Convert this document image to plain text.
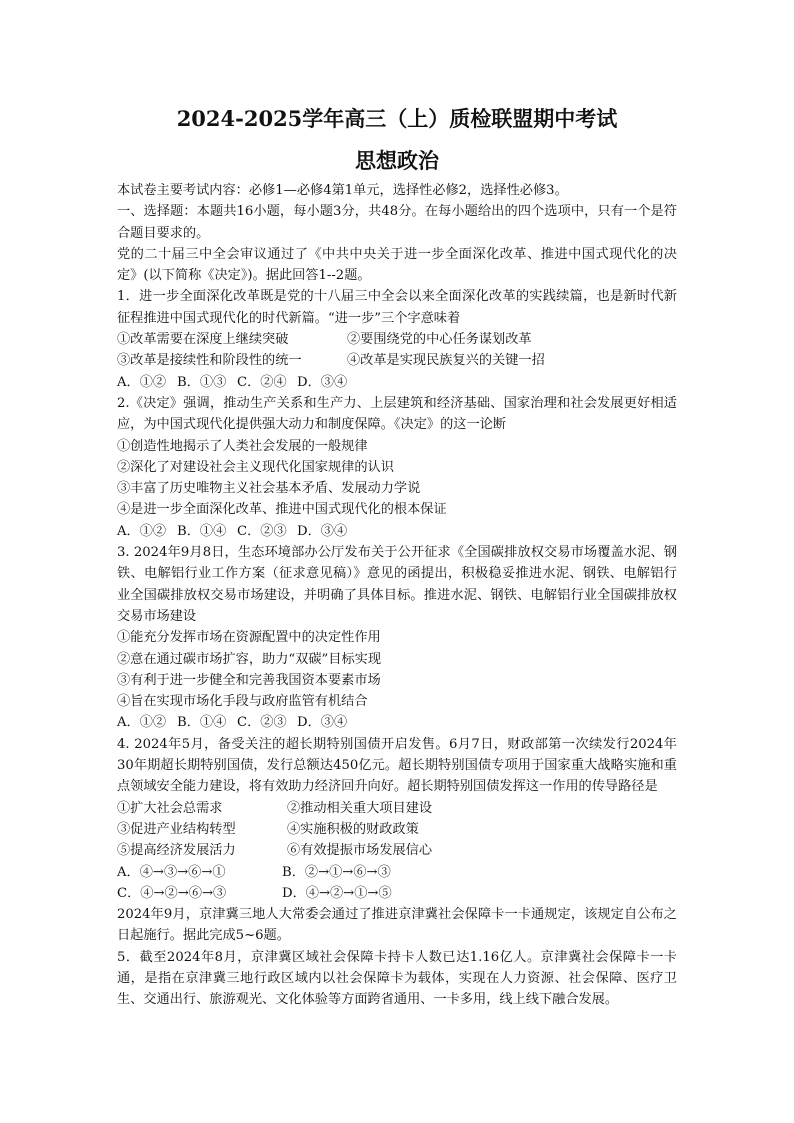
2024-2025学年高三（上）质检联盟期中考试
思想政治

本试卷主要考试内容：必修1—必修4第1单元，选择性必修2，选择性必修3。

一、选择题：本题共16小题，每小题3分，共48分。在每小题给出的四个选项中，只有一个是符合题目要求的。

党的二十届三中全会审议通过了《中共中央关于进一步全面深化改革、推进中国式现代化的决定》(以下简称《决定》)。据此回答1--2题。

1．进一步全面深化改革既是党的十八届三中全会以来全面深化改革的实践续篇，也是新时代新征程推进中国式现代化的时代新篇。“进一步”三个字意味着

①改革需要在深度上继续突破	②要围绕党的中心任务谋划改革
③改革是接续性和阶段性的统一	④改革是实现民族复兴的关键一招
A．①② B．①③ C．②④ D．③④

2.《决定》强调，推动生产关系和生产力、上层建筑和经济基础、国家治理和社会发展更好相适应，为中国式现代化提供强大动力和制度保障。《决定》的这一论断

①创造性地揭示了人类社会发展的一般规律

②深化了对建设社会主义现代化国家规律的认识

③丰富了历史唯物主义社会基本矛盾、发展动力学说

④是进一步全面深化改革、推进中国式现代化的根本保证

A．①② B．①④ C．②③ D．③④

3. 2024年9月8日，生态环境部办公厅发布关于公开征求《全国碳排放权交易市场覆盖水泥、钢铁、电解铝行业工作方案（征求意见稿）》意见的函提出，积极稳妥推进水泥、钢铁、电解铝行业全国碳排放权交易市场建设，并明确了具体目标。推进水泥、钢铁、电解铝行业全国碳排放权交易市场建设

①能充分发挥市场在资源配置中的决定性作用

②意在通过碳市场扩容，助力“双碳”目标实现

③有利于进一步健全和完善我国资本要素市场

④旨在实现市场化手段与政府监管有机结合

A．①② B．①④ C．②③ D．③④

4. 2024年5月，备受关注的超长期特别国债开启发售。6月7日，财政部第一次续发行2024年30年期超长期特别国债，发行总额达450亿元。超长期特别国债专项用于国家重大战略实施和重点领域安全能力建设，将有效助力经济回升向好。超长期特别国债发挥这一作用的传导路径是

①扩大社会总需求	②推动相关重大项目建设
③促进产业结构转型	④实施积极的财政政策
⑤提高经济发展活力	⑥有效提振市场发展信心
A．④→③→⑥→①	B．②→①→⑥→③
C．④→②→⑥→③	D．④→②→①→⑤

2024年9月，京津冀三地人大常委会通过了推进京津冀社会保障卡一卡通规定，该规定自公布之日起施行。据此完成5~6题。

5．截至2024年8月，京津冀区域社会保障卡持卡人数已达1.16亿人。京津冀社会保障卡一卡通，是指在京津冀三地行政区域内以社会保障卡为载体，实现在人力资源、社会保障、医疗卫生、交通出行、旅游观光、文化体验等方面跨省通用、一卡多用，线上线下融合发展。
